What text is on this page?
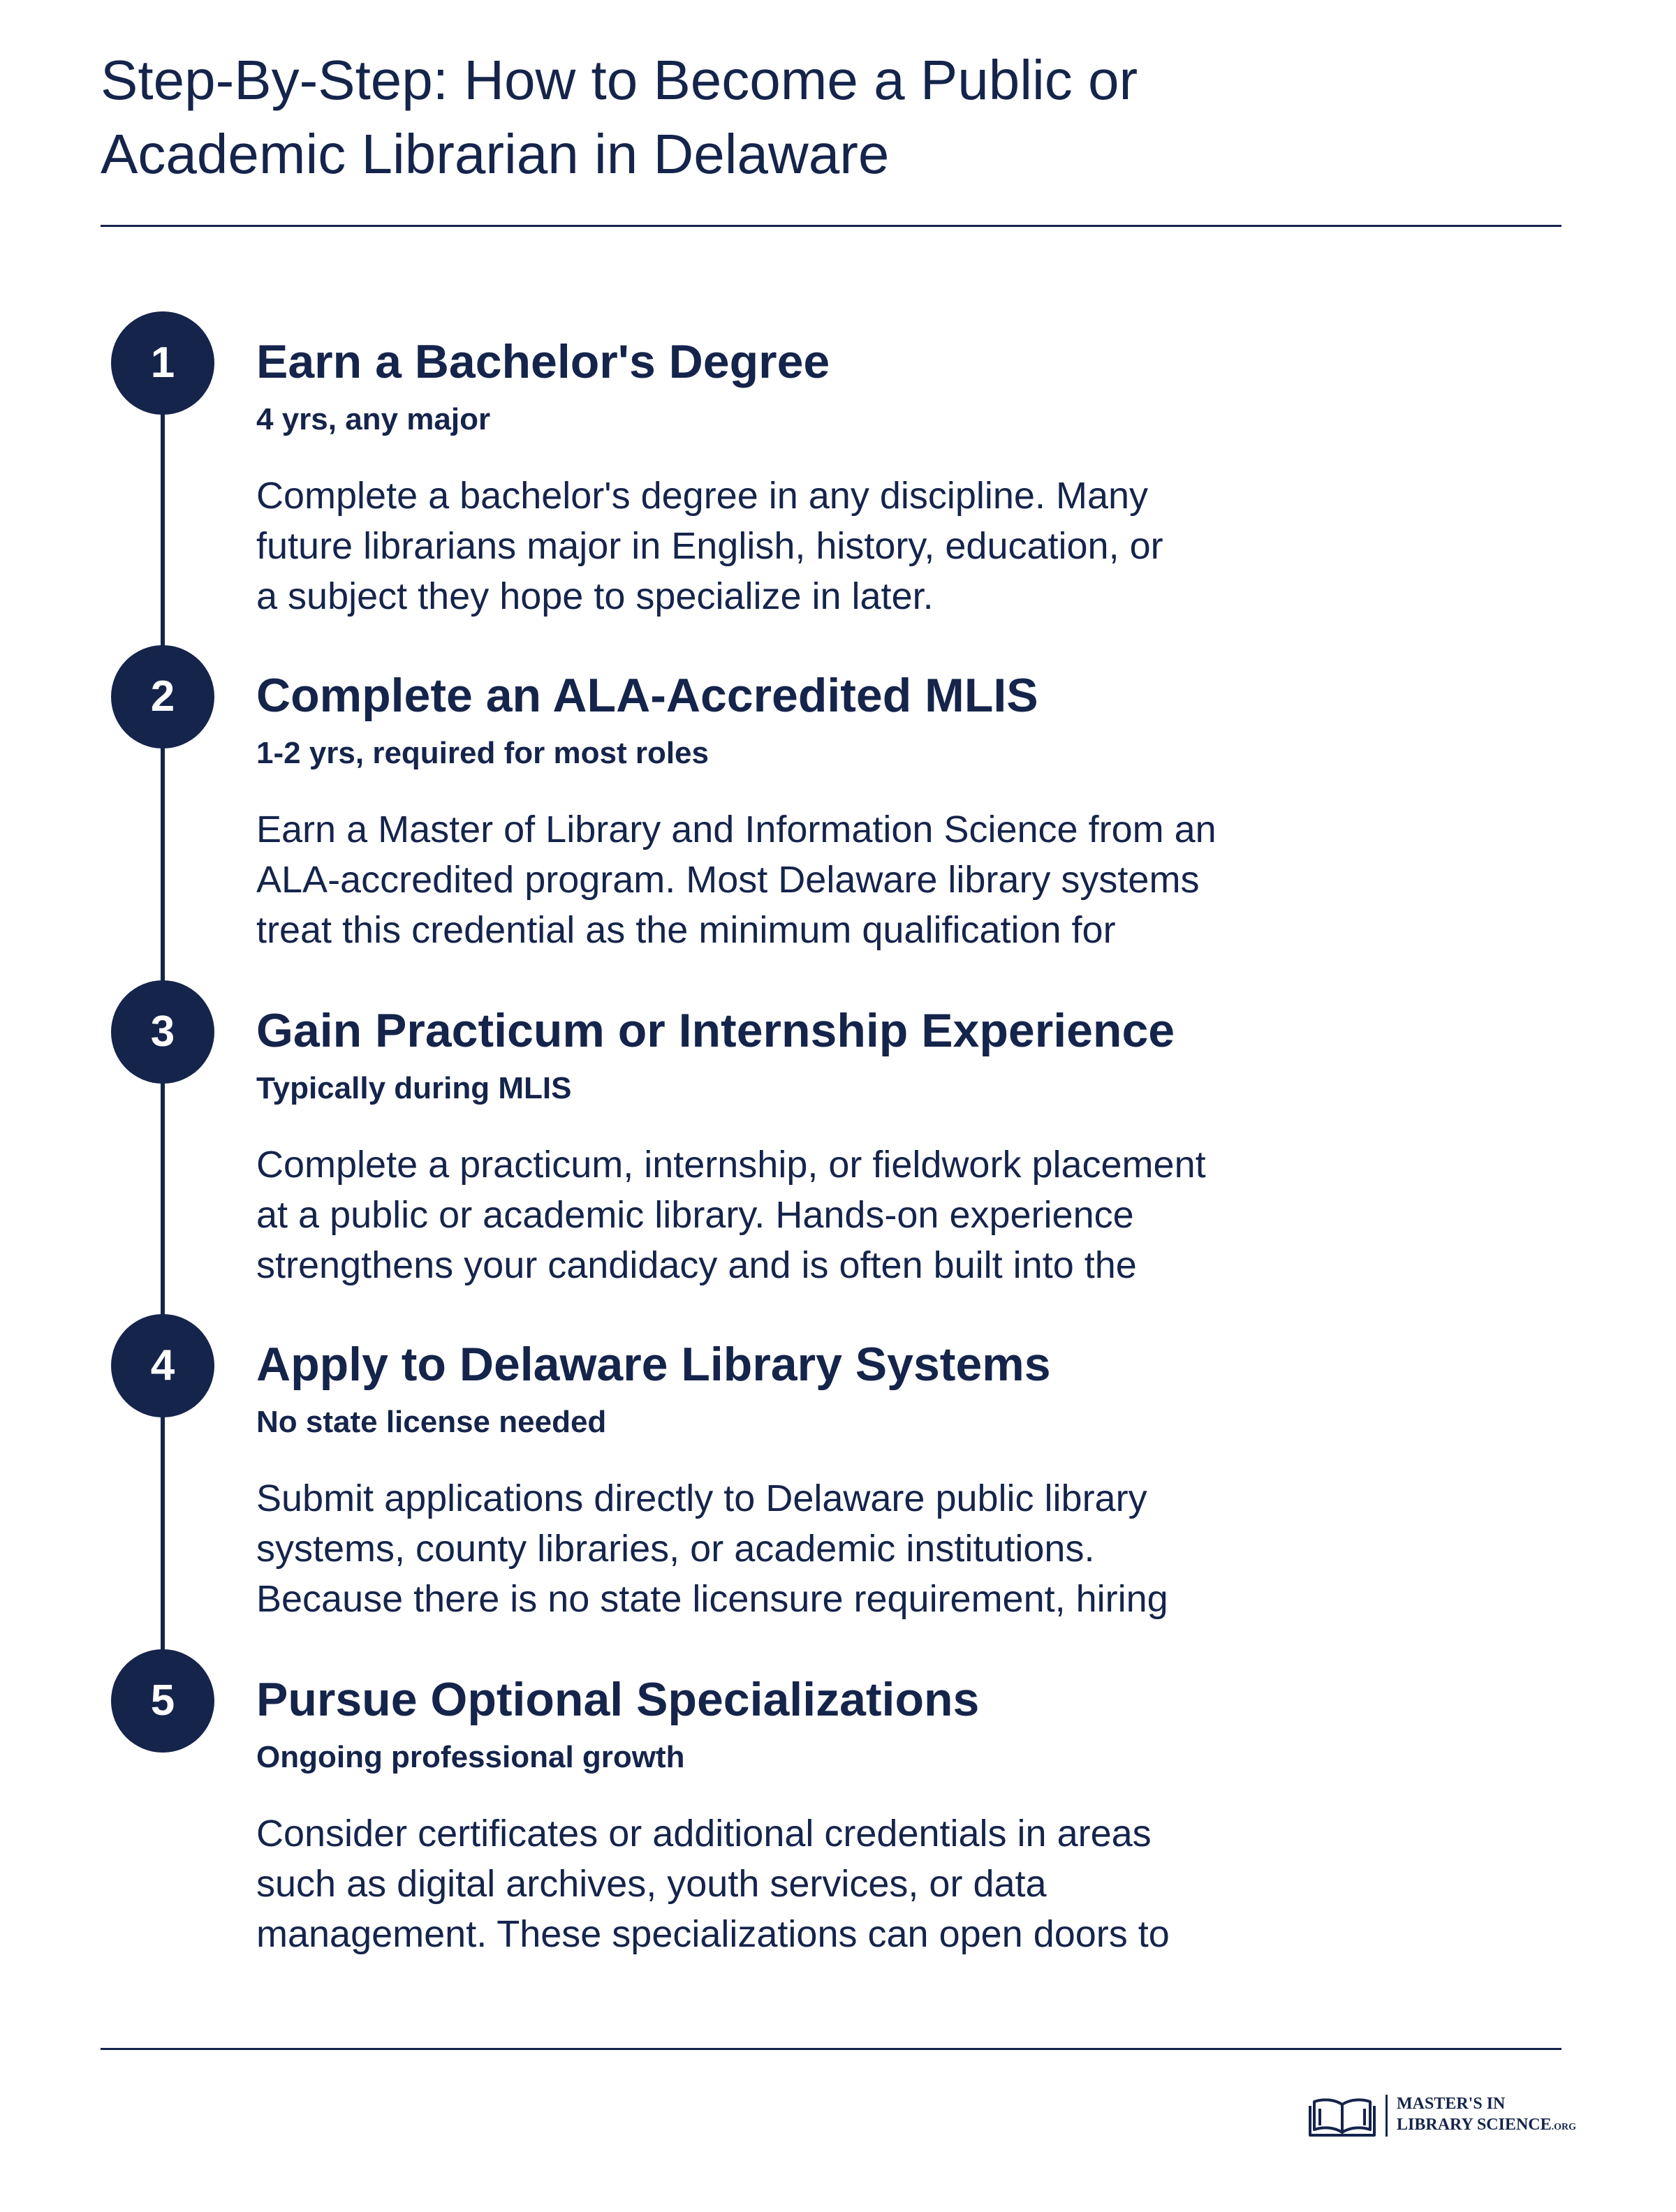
Step-By-Step: How to Become a Public or
Academic Librarian in Delaware
1	Earn a Bachelor's Degree
4 yrs, any major
Complete a bachelor's degree in any discipline. Many
future librarians major in English, history, education, or
a subject they hope to specialize in later.
2	Complete an ALA-Accredited MLIS
1-2 yrs, required for most roles
Earn a Master of Library and Information Science from an
ALA-accredited program. Most Delaware library systems
treat this credential as the minimum qualification for
3	Gain Practicum or Internship Experience
Typically during MLIS
Complete a practicum, internship, or fieldwork placement
at a public or academic library. Hands-on experience
strengthens your candidacy and is often built into the
4	Apply to Delaware Library Systems
No state license needed
Submit applications directly to Delaware public library
systems, county libraries, or academic institutions.
Because there is no state licensure requirement, hiring
5	Pursue Optional Specializations
Ongoing professional growth
Consider certificates or additional credentials in areas
such as digital archives, youth services, or data
management. These specializations can open doors to
MASTER'S IN
LIBRARY SCIENCE.ORG
